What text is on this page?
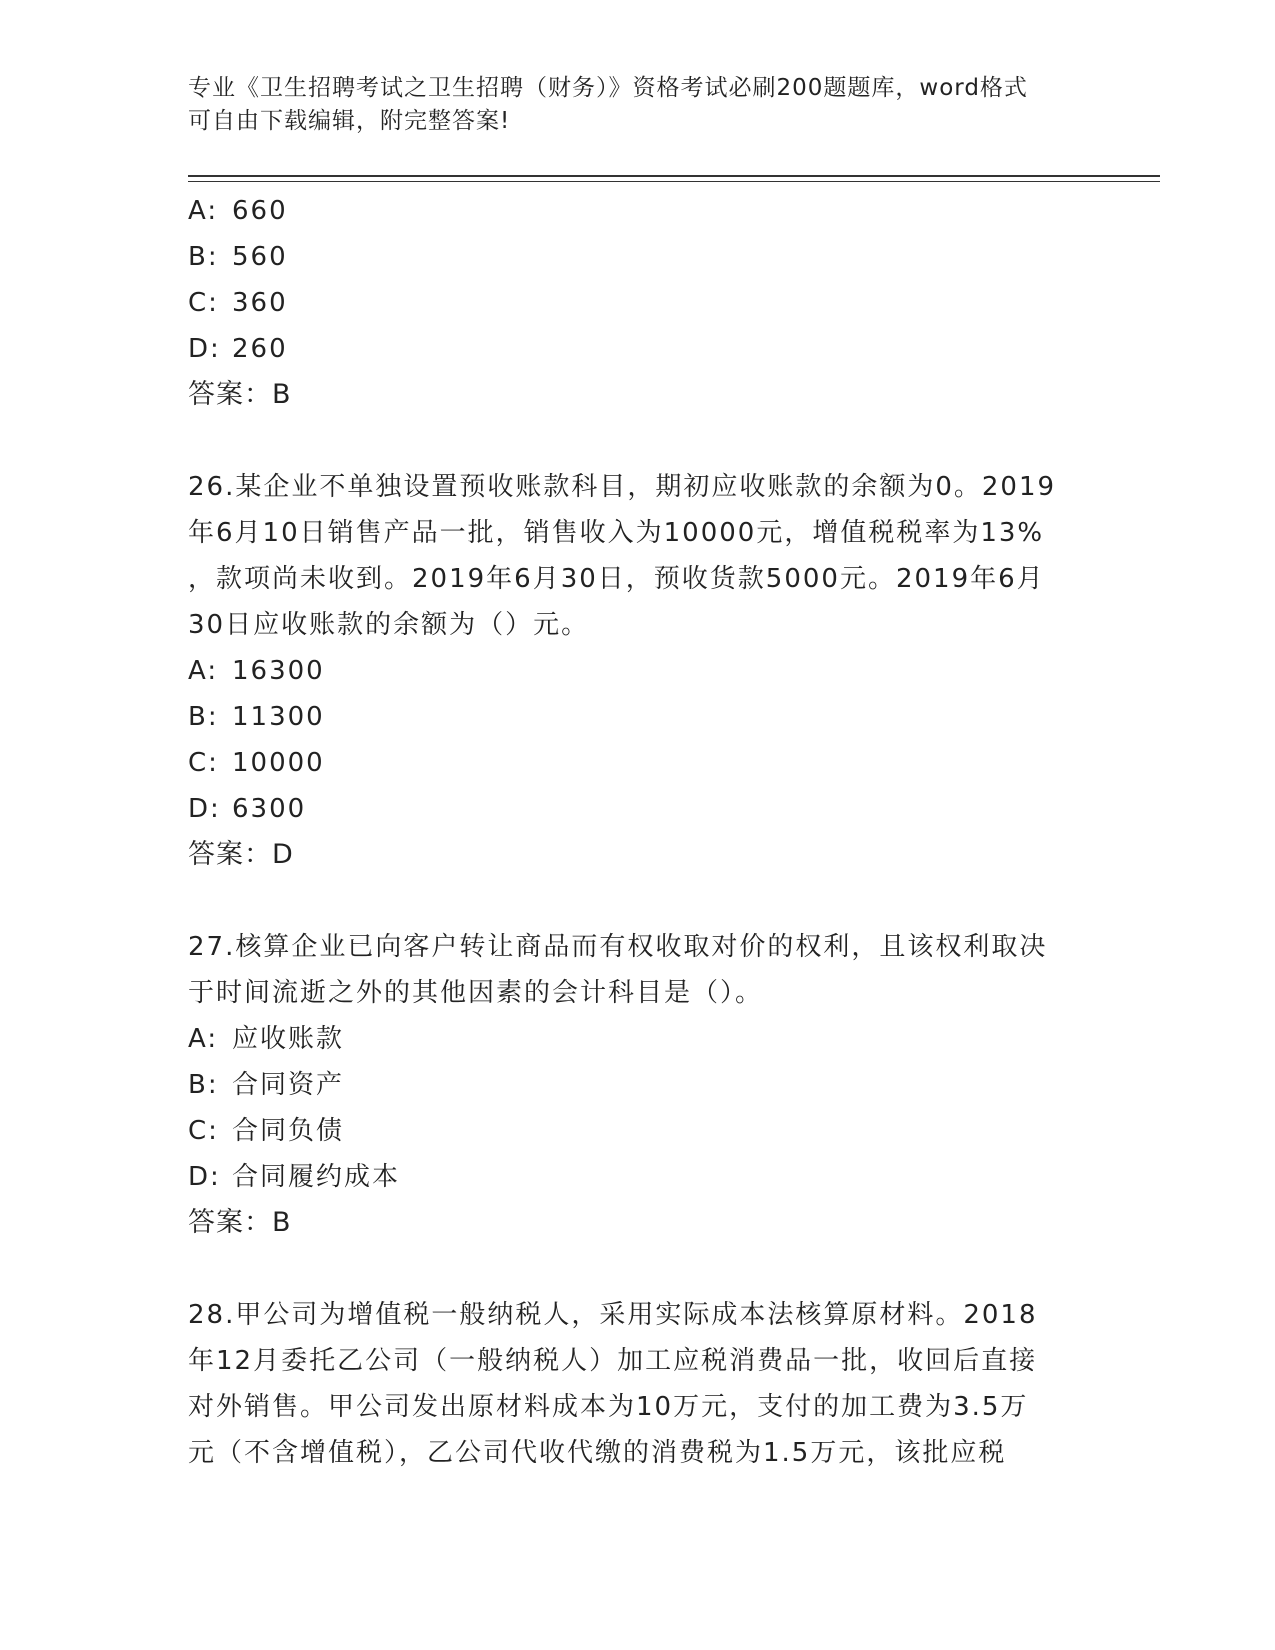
专业《卫生招聘考试之卫生招聘（财务）》资格考试必刷200题题库，word格式
可自由下载编辑，附完整答案!
A: 660
B: 560
C: 360
D: 260
答案：B
26.某企业不单独设置预收账款科目，期初应收账款的余额为0。2019
年6月10日销售产品一批，销售收入为10000元，增值税税率为13%
，款项尚未收到。2019年6月30日，预收货款5000元。2019年6月
30日应收账款的余额为（）元。
A: 16300
B: 11300
C: 10000
D: 6300
答案：D
27.核算企业已向客户转让商品而有权收取对价的权利，且该权利取决
于时间流逝之外的其他因素的会计科目是（）。
A: 应收账款
B: 合同资产
C: 合同负债
D: 合同履约成本
答案：B
28.甲公司为增值税一般纳税人，采用实际成本法核算原材料。2018
年12月委托乙公司（一般纳税人）加工应税消费品一批，收回后直接
对外销售。甲公司发出原材料成本为10万元，支付的加工费为3.5万
元（不含增值税），乙公司代收代缴的消费税为1.5万元，该批应税
